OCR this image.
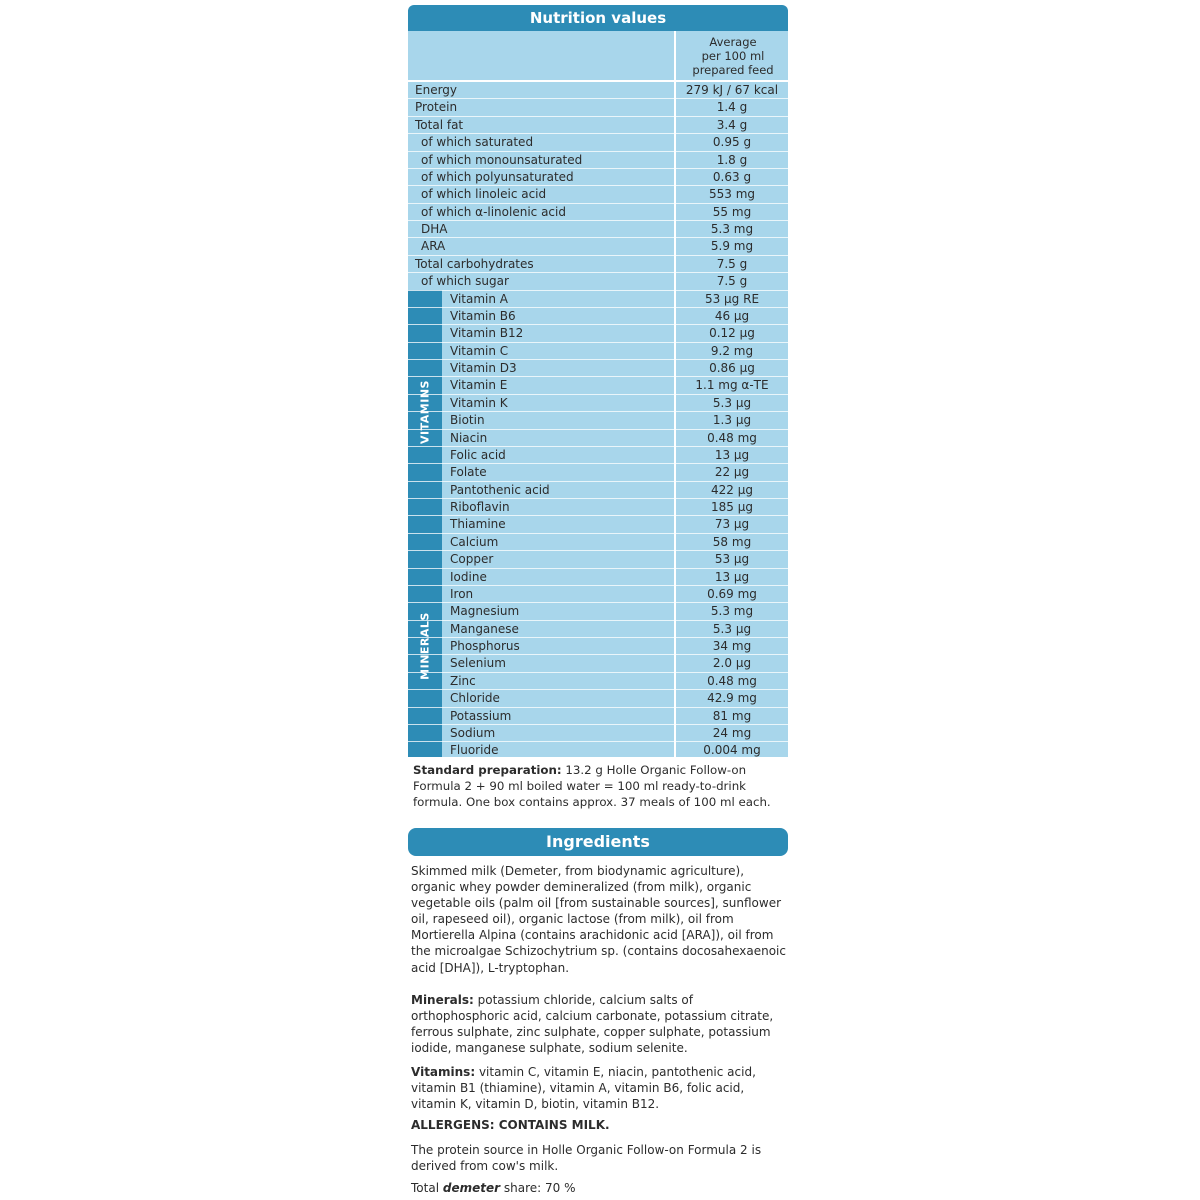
Nutrition values
Average
per 100 ml
prepared feed
VITAMINS
MINERALS
Energy	279 kJ / 67 kcal
Protein	1.4 g
Total fat	3.4 g
of which saturated	0.95 g
of which monounsaturated	1.8 g
of which polyunsaturated	0.63 g
of which linoleic acid	553 mg
of which α-linolenic acid	55 mg
DHA	5.3 mg
ARA	5.9 mg
Total carbohydrates	7.5 g
of which sugar	7.5 g
Vitamin A	53 µg RE
Vitamin B6	46 µg
Vitamin B12	0.12 µg
Vitamin C	9.2 mg
Vitamin D3	0.86 µg
Vitamin E	1.1 mg α-TE
Vitamin K	5.3 µg
Biotin	1.3 µg
Niacin	0.48 mg
Folic acid	13 µg
Folate	22 µg
Pantothenic acid	422 µg
Riboflavin	185 µg
Thiamine	73 µg
Calcium	58 mg
Copper	53 µg
Iodine	13 µg
Iron	0.69 mg
Magnesium	5.3 mg
Manganese	5.3 µg
Phosphorus	34 mg
Selenium	2.0 µg
Zinc	0.48 mg
Chloride	42.9 mg
Potassium	81 mg
Sodium	24 mg
Fluoride	0.004 mg
Standard preparation: 13.2 g Holle Organic Follow-on Formula 2 + 90 ml boiled water = 100 ml ready-to-drink formula. One box contains approx. 37 meals of 100 ml each.
Ingredients
Skimmed milk (Demeter, from biodynamic agriculture), organic whey powder demineralized (from milk), organic vegetable oils (palm oil [from sustainable sources], sunflower oil, rapeseed oil), organic lactose (from milk), oil from Mortierella Alpina (contains arachidonic acid [ARA]), oil from the microalgae Schizochytrium sp. (contains docosahexaenoic acid [DHA]), L-tryptophan.
Minerals: potassium chloride, calcium salts of orthophosphoric acid, calcium carbonate, potassium citrate, ferrous sulphate, zinc sulphate, copper sulphate, potassium iodide, manganese sulphate, sodium selenite.
Vitamins: vitamin C, vitamin E, niacin, pantothenic acid, vitamin B1 (thiamine), vitamin A, vitamin B6, folic acid, vitamin K, vitamin D, biotin, vitamin B12.
ALLERGENS: CONTAINS MILK.
The protein source in Holle Organic Follow-on Formula 2 is derived from cow's milk.
Total demeter share: 70 %
